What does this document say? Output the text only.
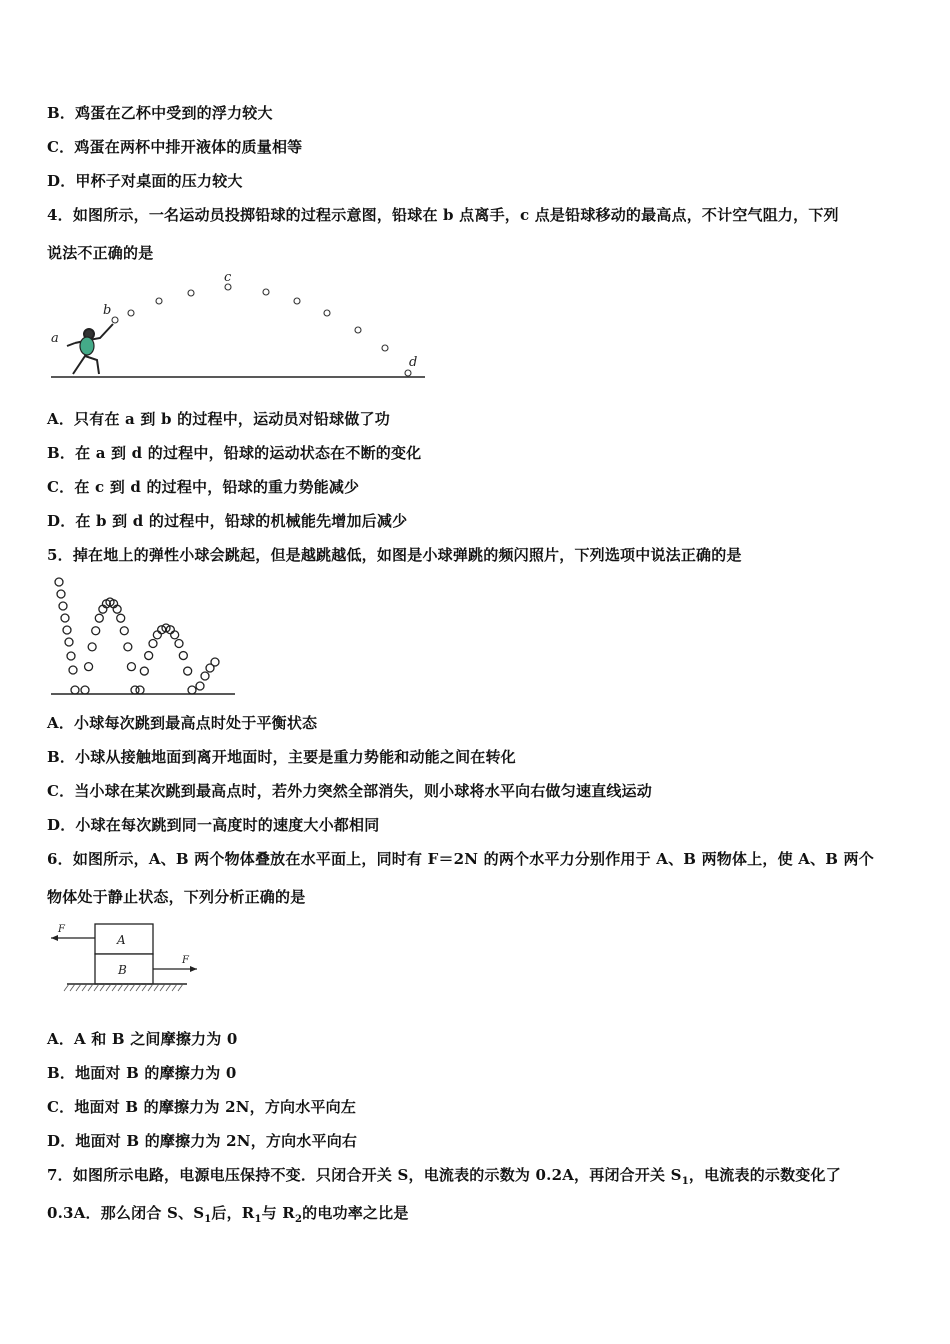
B．鸡蛋在乙杯中受到的浮力较大
C．鸡蛋在两杯中排开液体的质量相等
D．甲杯子对桌面的压力较大
4．如图所示，一名运动员投掷铅球的过程示意图，铅球在 b 点离手，c 点是铅球移动的最高点，不计空气阻力，下列
说法不正确的是
a
b
c
d
A．只有在 a 到 b 的过程中，运动员对铅球做了功
B．在 a 到 d 的过程中，铅球的运动状态在不断的变化
C．在 c 到 d 的过程中，铅球的重力势能减少
D．在 b 到 d 的过程中，铅球的机械能先增加后减少
5．掉在地上的弹性小球会跳起，但是越跳越低，如图是小球弹跳的频闪照片，下列选项中说法正确的是
A．小球每次跳到最高点时处于平衡状态
B．小球从接触地面到离开地面时，主要是重力势能和动能之间在转化
C．当小球在某次跳到最高点时，若外力突然全部消失，则小球将水平向右做匀速直线运动
D．小球在每次跳到同一高度时的速度大小都相同
6．如图所示，A、B 两个物体叠放在水平面上，同时有 F＝2N 的两个水平力分别作用于 A、B 两物体上，使 A、B 两个
物体处于静止状态，下列分析正确的是
A
B
F
F
A．A 和 B 之间摩擦力为 0
B．地面对 B 的摩擦力为 0
C．地面对 B 的摩擦力为 2N，方向水平向左
D．地面对 B 的摩擦力为 2N，方向水平向右
7．如图所示电路，电源电压保持不变．只闭合开关 S，电流表的示数为 0.2A，再闭合开关 $S_1$，电流表的示数变化了
0.3A．那么闭合 S、$S_1$后，$R_1$与 $R_2$的电功率之比是
